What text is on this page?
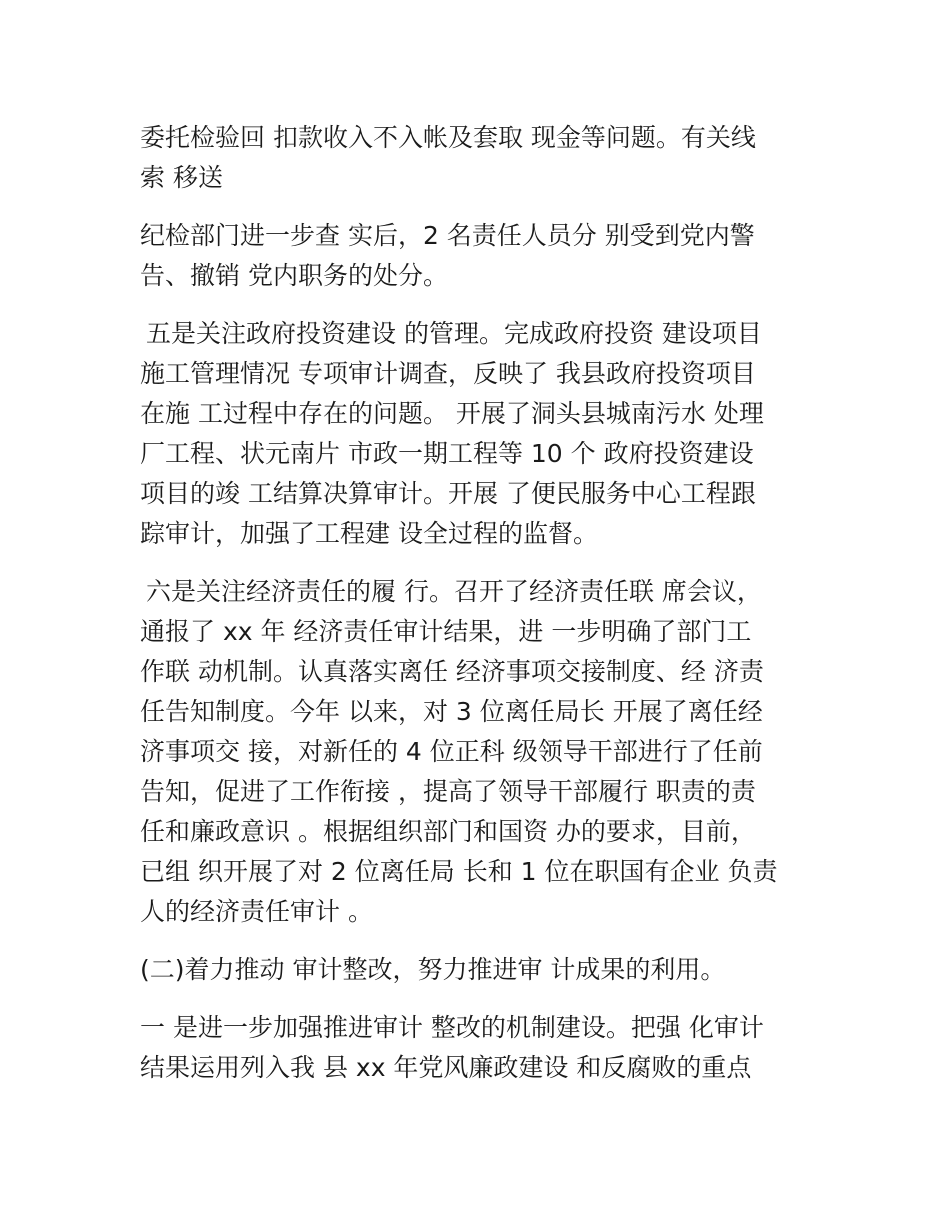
委托检验回 扣款收入不入帐及套取 现金等问题。有关线
索 移送
纪检部门进一步查 实后，2 名责任人员分 别受到党内警
告、撤销 党内职务的处分。
五是关注政府投资建设 的管理。完成政府投资 建设项目
施工管理情况 专项审计调查，反映了 我县政府投资项目
在施 工过程中存在的问题。 开展了洞头县城南污水 处理
厂工程、状元南片 市政一期工程等 10 个 政府投资建设
项目的竣 工结算决算审计。开展 了便民服务中心工程跟
踪审计，加强了工程建 设全过程的监督。
六是关注经济责任的履 行。召开了经济责任联 席会议，
通报了 xx 年 经济责任审计结果，进 一步明确了部门工
作联 动机制。认真落实离任 经济事项交接制度、经 济责
任告知制度。今年 以来，对 3 位离任局长 开展了离任经
济事项交 接，对新任的 4 位正科 级领导干部进行了任前
告知，促进了工作衔接 ，提高了领导干部履行 职责的责
任和廉政意识 。根据组织部门和国资 办的要求，目前，
已组 织开展了对 2 位离任局 长和 1 位在职国有企业 负责
人的经济责任审计 。
(二)着力推动 审计整改，努力推进审 计成果的利用。
一 是进一步加强推进审计 整改的机制建设。把强 化审计
结果运用列入我 县 xx 年党风廉政建设 和反腐败的重点
